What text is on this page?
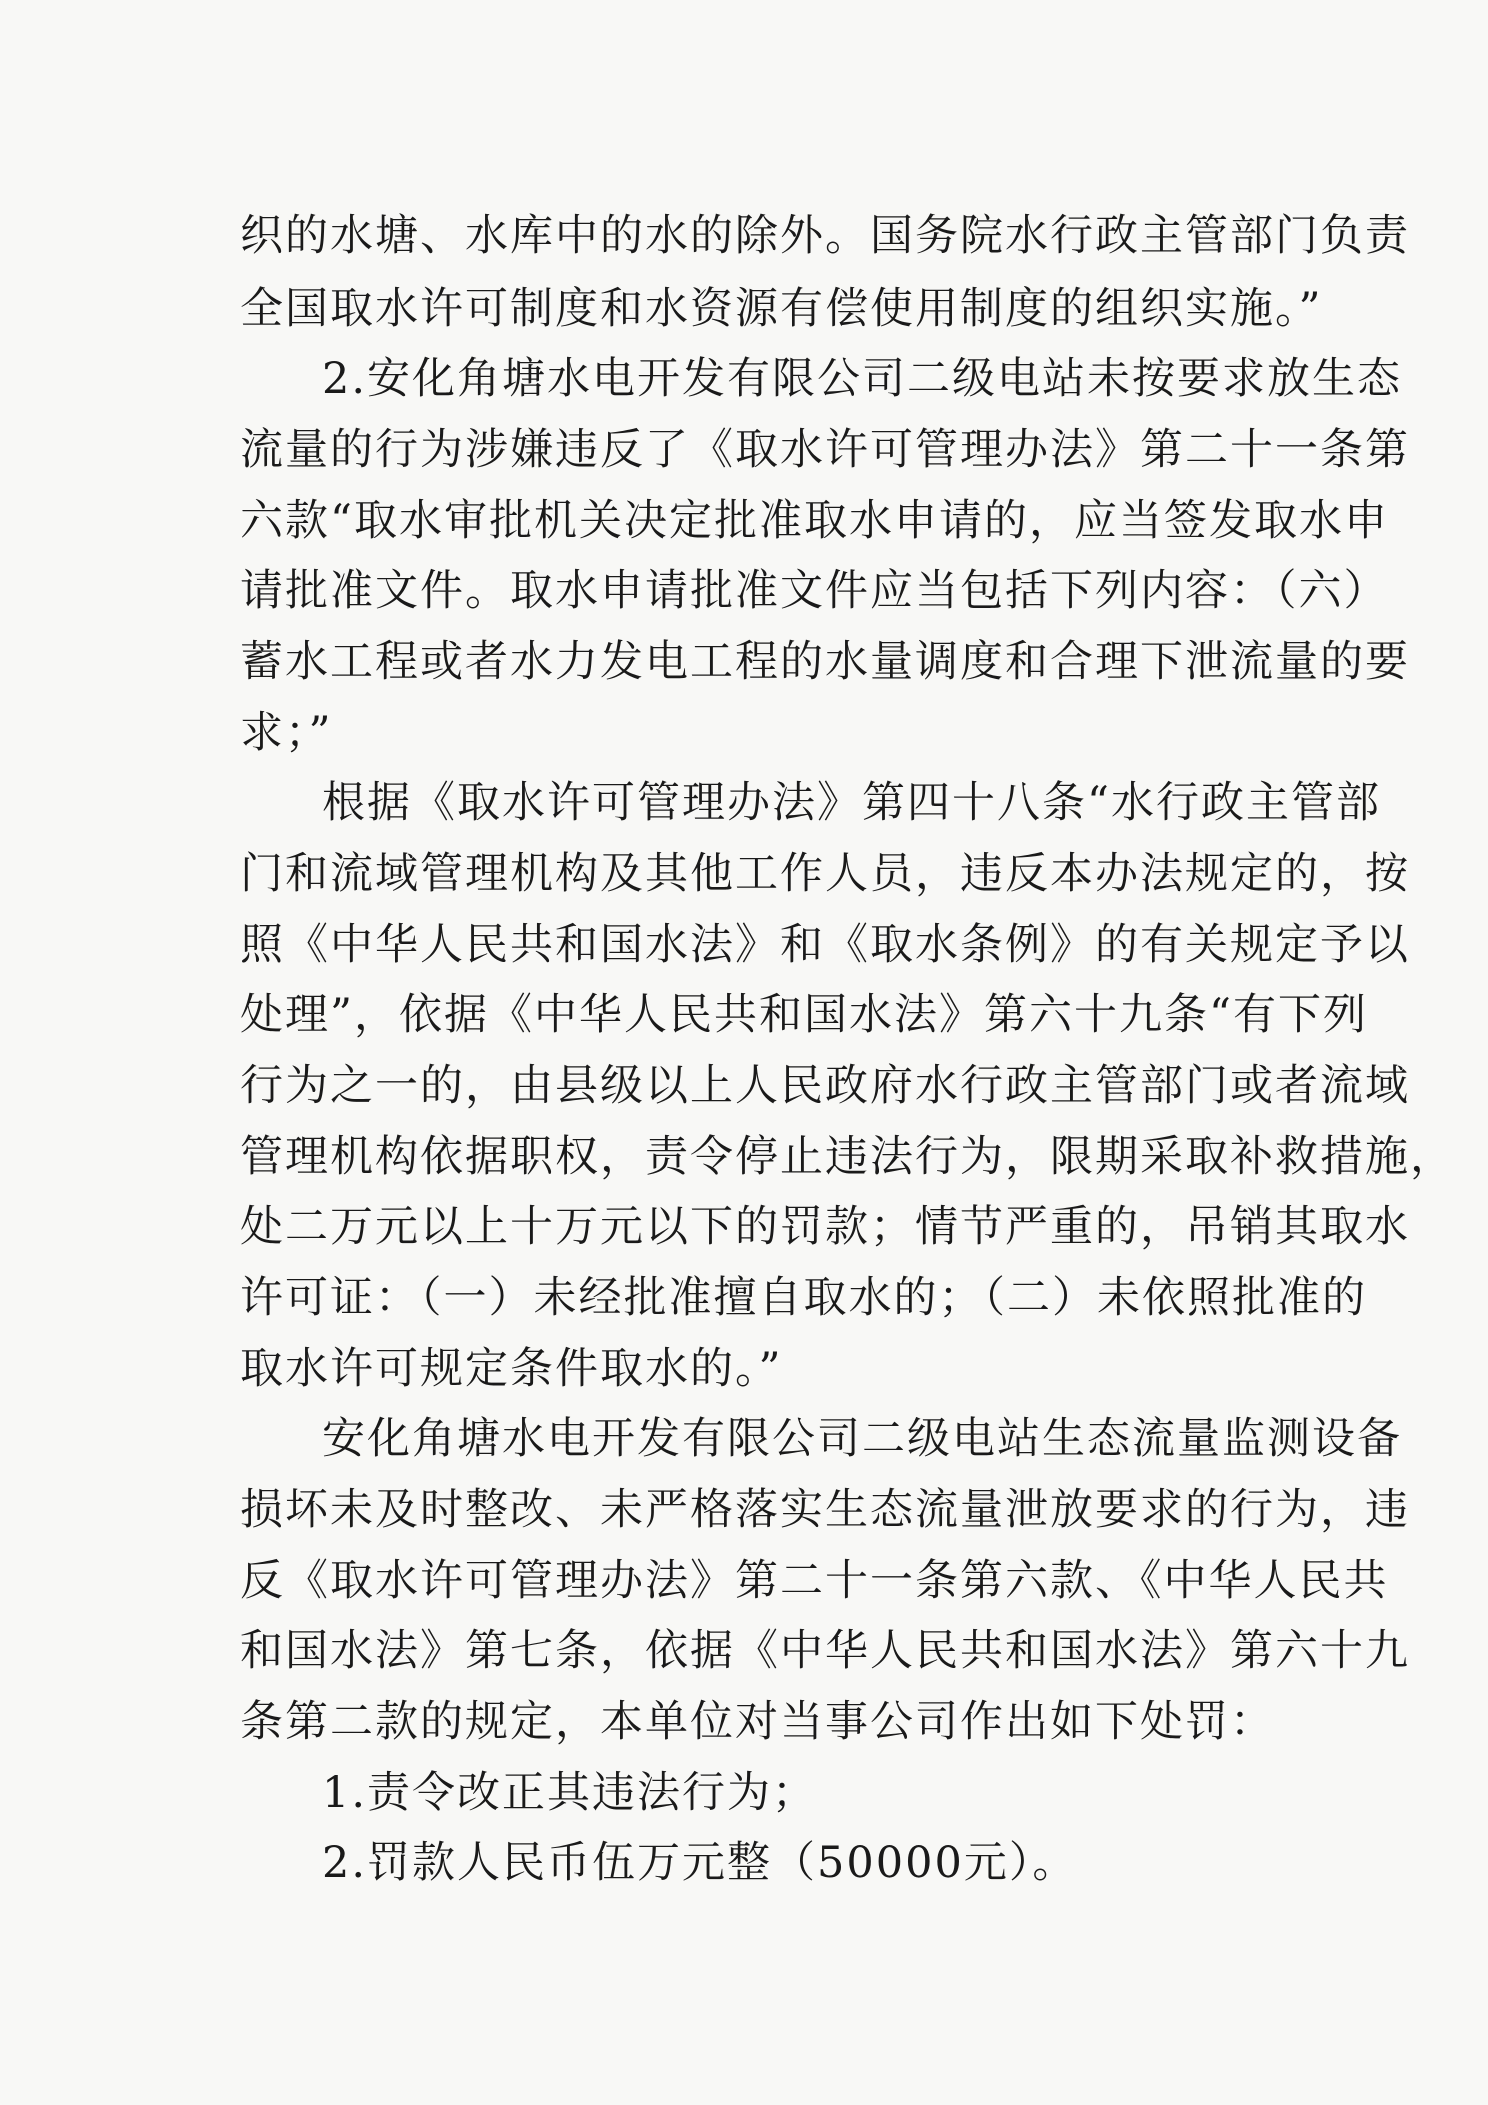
织的水塘、水库中的水的除外。国务院水行政主管部门负责
全国取水许可制度和水资源有偿使用制度的组织实施。”
2.安化角塘水电开发有限公司二级电站未按要求放生态
流量的行为涉嫌违反了《取水许可管理办法》第二十一条第
六款“取水审批机关决定批准取水申请的，应当签发取水申
请批准文件。取水申请批准文件应当包括下列内容：（六）
蓄水工程或者水力发电工程的水量调度和合理下泄流量的要
求；”
根据《取水许可管理办法》第四十八条“水行政主管部
门和流域管理机构及其他工作人员，违反本办法规定的，按
照《中华人民共和国水法》和《取水条例》的有关规定予以
处理”，依据《中华人民共和国水法》第六十九条“有下列
行为之一的，由县级以上人民政府水行政主管部门或者流域
管理机构依据职权，责令停止违法行为，限期采取补救措施，
处二万元以上十万元以下的罚款；情节严重的，吊销其取水
许可证：（一）未经批准擅自取水的；（二）未依照批准的
取水许可规定条件取水的。”
安化角塘水电开发有限公司二级电站生态流量监测设备
损坏未及时整改、未严格落实生态流量泄放要求的行为，违
反《取水许可管理办法》第二十一条第六款、《中华人民共
和国水法》第七条，依据《中华人民共和国水法》第六十九
条第二款的规定，本单位对当事公司作出如下处罚：
1.责令改正其违法行为；
2.罚款人民币伍万元整（50000元）。
